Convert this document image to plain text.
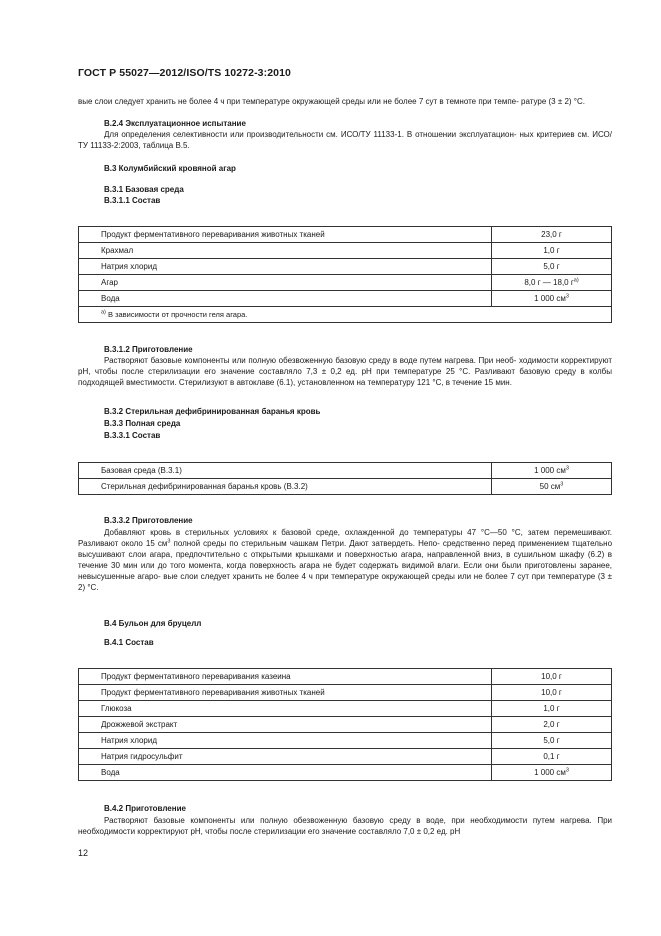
ГОСТ Р 55027—2012/ISO/TS 10272-3:2010
вые слои следует хранить не более 4 ч при температуре окружающей среды или не более 7 сут в темноте при темпе- ратуре (3 ± 2) °С.
В.2.4 Эксплуатационное испытание
Для определения селективности или производительности см. ИСО/ТУ 11133-1. В отношении эксплуатацион- ных критериев см. ИСО/ТУ 11133-2:2003, таблица В.5.
В.3 Колумбийский кровяной агар
В.3.1 Базовая среда
В.3.1.1 Состав
Продукт ферментативного переваривания животных тканей	23,0 г
Крахмал	1,0 г
Натрия хлорид	5,0 г
Агар	8,0 г — 18,0 $г^{a)}$
Вода	1 000 $см^3$
$^{a)}$ В зависимости от прочности геля агара.	
В.3.1.2 Приготовление
Растворяют базовые компоненты или полную обезвоженную базовую среду в воде путем нагрева. При необ- ходимости корректируют рН, чтобы после стерилизации его значение составляло 7,3 ± 0,2 ед. рН при температуре 25 °С. Разливают базовую среду в колбы подходящей вместимости. Стерилизуют в автоклаве (6.1), установленном на температуру 121 °С, в течение 15 мин.
В.3.2 Стерильная дефибринированная баранья кровь
В.3.3 Полная среда
В.3.3.1 Состав
Базовая среда (В.3.1)	1 000 $см^3$
Стерильная дефибринированная баранья кровь (В.3.2)	50 $см^3$
В.3.3.2 Приготовление
Добавляют кровь в стерильных условиях к базовой среде, охлажденной до температуры 47 °С—50 °С, затем перемешивают. Разливают около 15 $см^3$ полной среды по стерильным чашкам Петри. Дают затвердеть. Непо- средственно перед применением тщательно высушивают слои агара, предпочтительно с открытыми крышками и поверхностью агара, направленной вниз, в сушильном шкафу (6.2) в течение 30 мин или до того момента, когда поверхность агара не будет содержать видимой влаги. Если они были приготовлены заранее, невысушенные агаро- вые слои следует хранить не более 4 ч при температуре окружающей среды или не более 7 сут при температуре (3 ± 2) °С.
В.4 Бульон для бруцелл
В.4.1 Состав
Продукт ферментативного переваривания казеина	10,0 г
Продукт ферментативного переваривания животных тканей	10,0 г
Глюкоза	1,0 г
Дрожжевой экстракт	2,0 г
Натрия хлорид	5,0 г
Натрия гидросульфит	0,1 г
Вода	1 000 $см^3$
В.4.2 Приготовление
Растворяют базовые компоненты или полную обезвоженную базовую среду в воде, при необходимости путем нагрева. При необходимости корректируют рН, чтобы после стерилизации его значение составляло 7,0 ± 0,2 ед. рН
12
